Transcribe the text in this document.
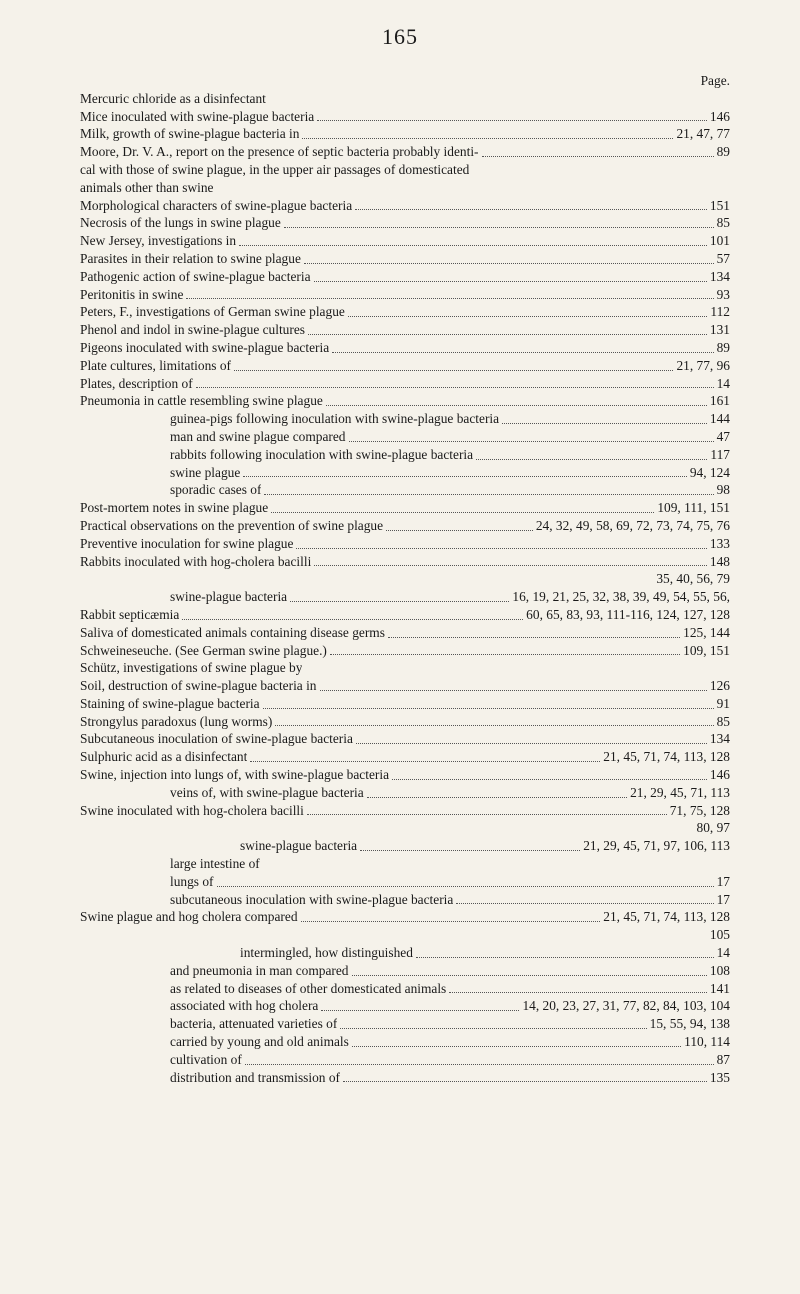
165
Page.
Mercuric chloride as a disinfectant
Mice inoculated with swine-plague bacteria	146
Milk, growth of swine-plague bacteria in	21, 47, 77
Moore, Dr. V. A., report on the presence of septic bacteria probably identi-	89
cal with those of swine plague, in the upper air passages of domesticated
animals other than swine
Morphological characters of swine-plague bacteria	151
Necrosis of the lungs in swine plague	85
New Jersey, investigations in	101
Parasites in their relation to swine plague	57
Pathogenic action of swine-plague bacteria	134
Peritonitis in swine	93
Peters, F., investigations of German swine plague	112
Phenol and indol in swine-plague cultures	131
Pigeons inoculated with swine-plague bacteria	89
Plate cultures, limitations of	21, 77, 96
Plates, description of	14
Pneumonia in cattle resembling swine plague	161
guinea-pigs following inoculation with swine-plague bacteria	144
man and swine plague compared	47
rabbits following inoculation with swine-plague bacteria	117
swine plague	94, 124
sporadic cases of	98
Post-mortem notes in swine plague	109, 111, 151
Practical observations on the prevention of swine plague	24, 32, 49, 58, 69, 72, 73, 74, 75, 76
Preventive inoculation for swine plague	133
Rabbits inoculated with hog-cholera bacilli	148
35, 40, 56, 79
swine-plague bacteria	16, 19, 21, 25, 32, 38, 39, 49, 54, 55, 56,
Rabbit septicæmia	60, 65, 83, 93, 111-116, 124, 127, 128
Saliva of domesticated animals containing disease germs	125, 144
Schweineseuche. (See German swine plague.)	109, 151
Schütz, investigations of swine plague by
Soil, destruction of swine-plague bacteria in	126
Staining of swine-plague bacteria	91
Strongylus paradoxus (lung worms)	85
Subcutaneous inoculation of swine-plague bacteria	134
Sulphuric acid as a disinfectant	21, 45, 71, 74, 113, 128
Swine, injection into lungs of, with swine-plague bacteria	146
veins of, with swine-plague bacteria	21, 29, 45, 71, 113
Swine inoculated with hog-cholera bacilli	71, 75, 128
80, 97
swine-plague bacteria	21, 29, 45, 71, 97, 106, 113
large intestine of
lungs of	17
subcutaneous inoculation with swine-plague bacteria	17
Swine plague and hog cholera compared	21, 45, 71, 74, 113, 128
105
intermingled, how distinguished	14
and pneumonia in man compared	108
as related to diseases of other domesticated animals	141
associated with hog cholera	14, 20, 23, 27, 31, 77, 82, 84, 103, 104
bacteria, attenuated varieties of	15, 55, 94, 138
carried by young and old animals	110, 114
cultivation of	87
distribution and transmission of	135
